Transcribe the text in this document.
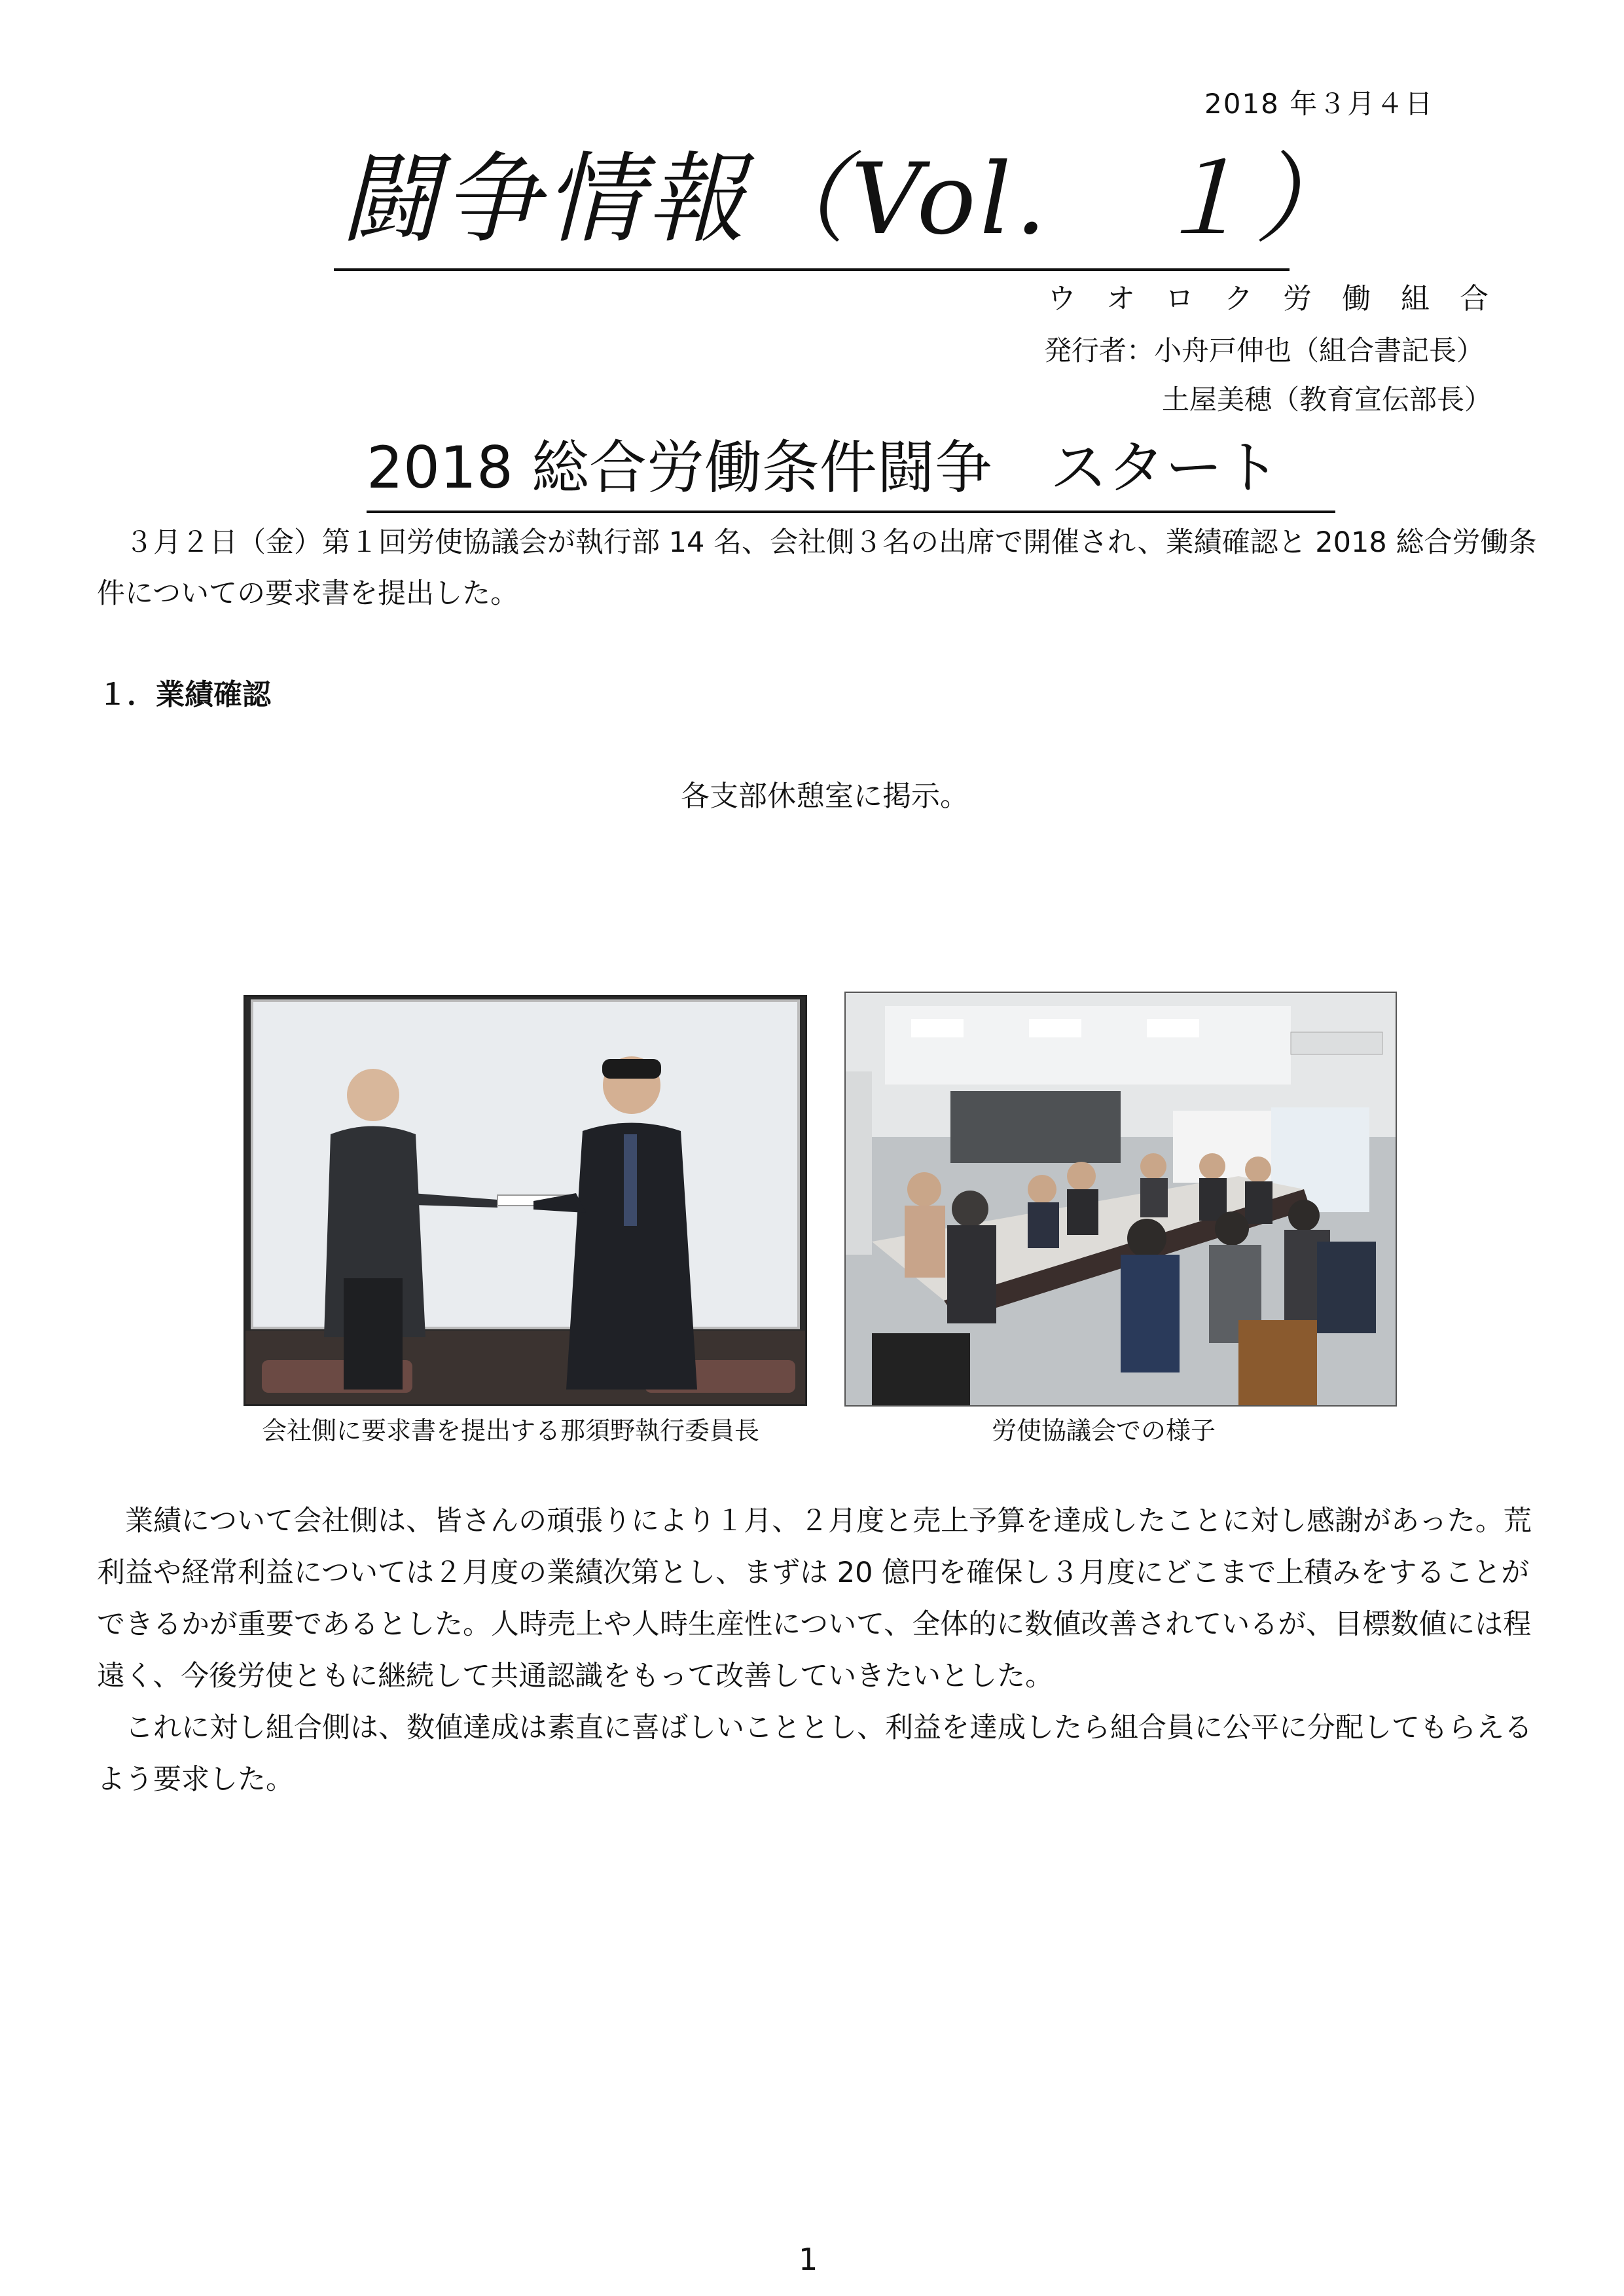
2018 年３月４日
闘争情報（Vol.　１）
ウオロク労働組合
発行者：小舟戸伸也（組合書記長）
土屋美穂（教育宣伝部長）
2018 総合労働条件闘争　スタート
３月２日（金）第１回労使協議会が執行部 14 名、会社側３名の出席で開催され、業績確認と 2018 総合労働条件についての要求書を提出した。
１．業績確認
各支部休憩室に掲示。
会社側に要求書を提出する那須野執行委員長	労使協議会での様子

業績について会社側は、皆さんの頑張りにより１月、２月度と売上予算を達成したことに対し感謝があった。荒利益や経常利益については２月度の業績次第とし、まずは 20 億円を確保し３月度にどこまで上積みをすることができるかが重要であるとした。人時売上や人時生産性について、全体的に数値改善されているが、目標数値には程遠く、今後労使ともに継続して共通認識をもって改善していきたいとした。

これに対し組合側は、数値達成は素直に喜ばしいこととし、利益を達成したら組合員に公平に分配してもらえるよう要求した。

1
